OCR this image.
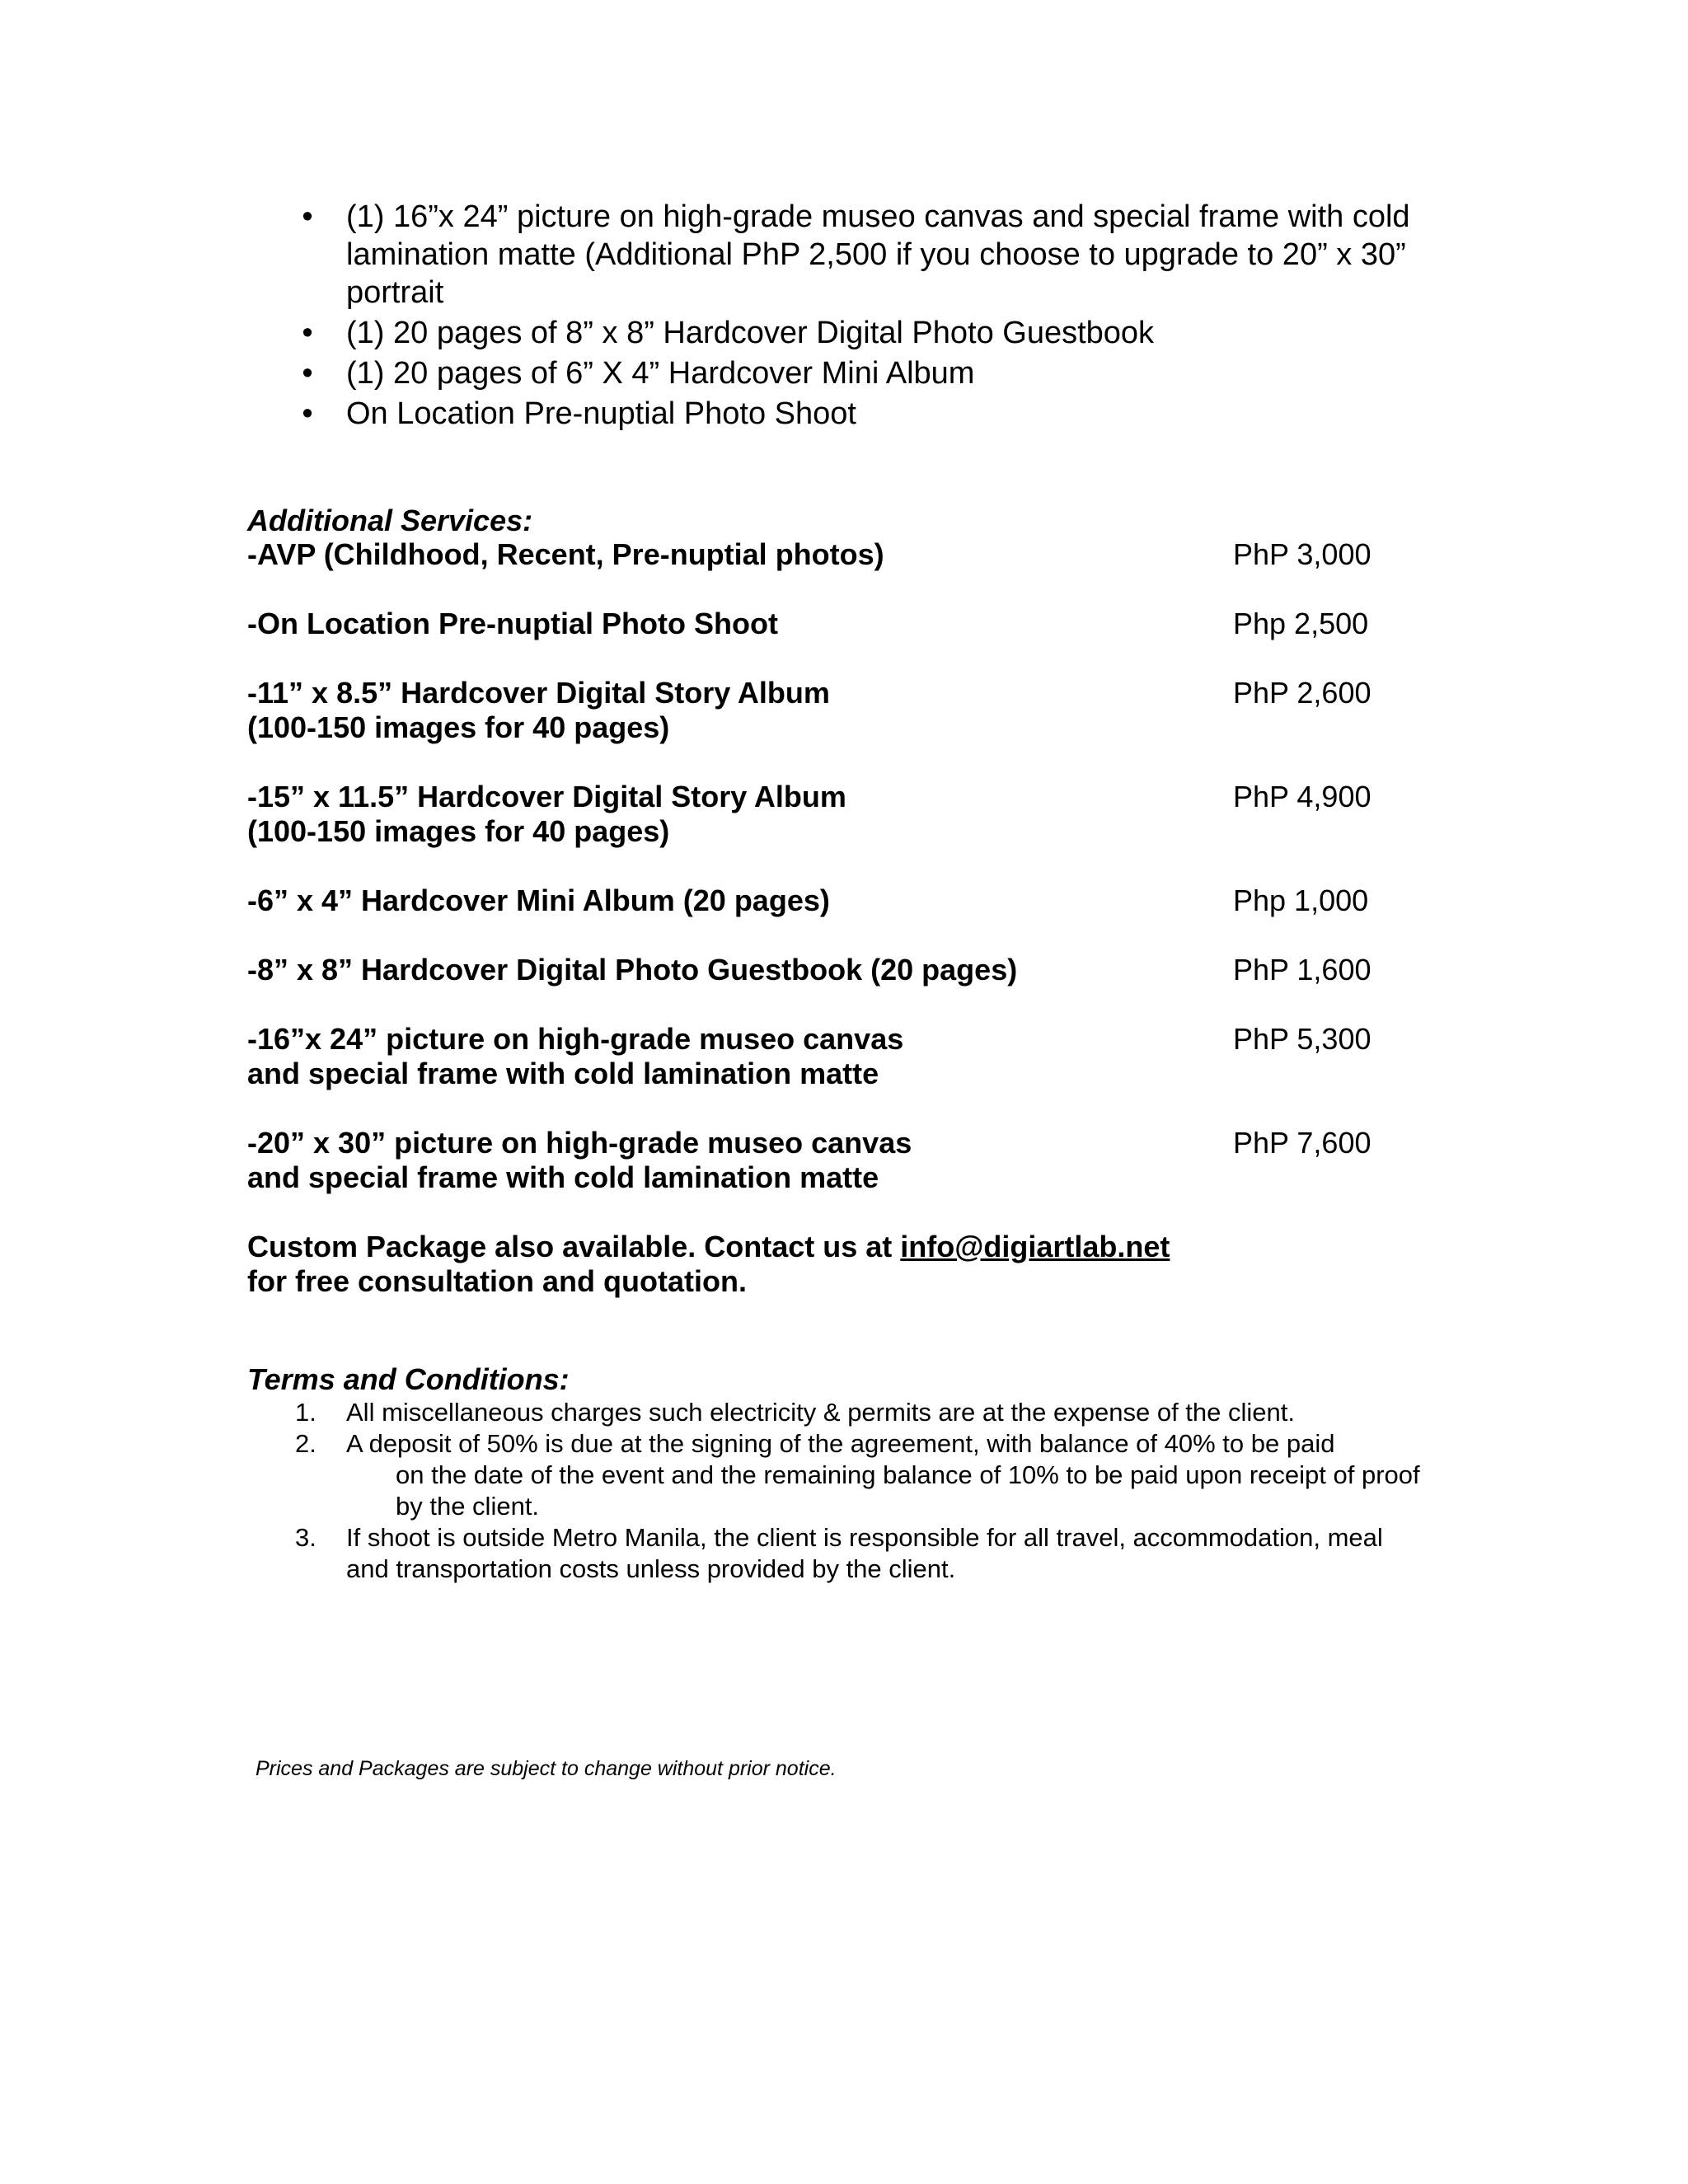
• (1) 16”x 24” picture on high-grade museo canvas and special frame with cold lamination matte (Additional PhP 2,500 if you choose to upgrade to 20” x 30” portrait
• (1) 20 pages of 8” x 8” Hardcover Digital Photo Guestbook
• (1) 20 pages of 6” X 4” Hardcover Mini Album
• On Location Pre-nuptial Photo Shoot
Additional Services:
-AVP (Childhood, Recent, Pre-nuptial photos)	PhP 3,000
-On Location Pre-nuptial Photo Shoot	Php 2,500
-11” x 8.5” Hardcover Digital Story Album
(100-150 images for 40 pages)
PhP 2,600
-15” x 11.5” Hardcover Digital Story Album
(100-150 images for 40 pages)
PhP 4,900
-6” x 4” Hardcover Mini Album (20 pages)	Php 1,000
-8” x 8” Hardcover Digital Photo Guestbook (20 pages)	PhP 1,600
-16”x 24” picture on high-grade museo canvas
and special frame with cold lamination matte
PhP 5,300
-20” x 30” picture on high-grade museo canvas
and special frame with cold lamination matte
PhP 7,600
Custom Package also available. Contact us at info@digiartlab.net
for free consultation and quotation.
Terms and Conditions:
1. All miscellaneous charges such electricity & permits are at the expense of the client.
2. A deposit of 50% is due at the signing of the agreement, with balance of 40% to be paid
on the date of the event and the remaining balance of 10% to be paid upon receipt of proof by the client.
3. If shoot is outside Metro Manila, the client is responsible for all travel, accommodation, meal and transportation costs unless provided by the client.
Prices and Packages are subject to change without prior notice.
